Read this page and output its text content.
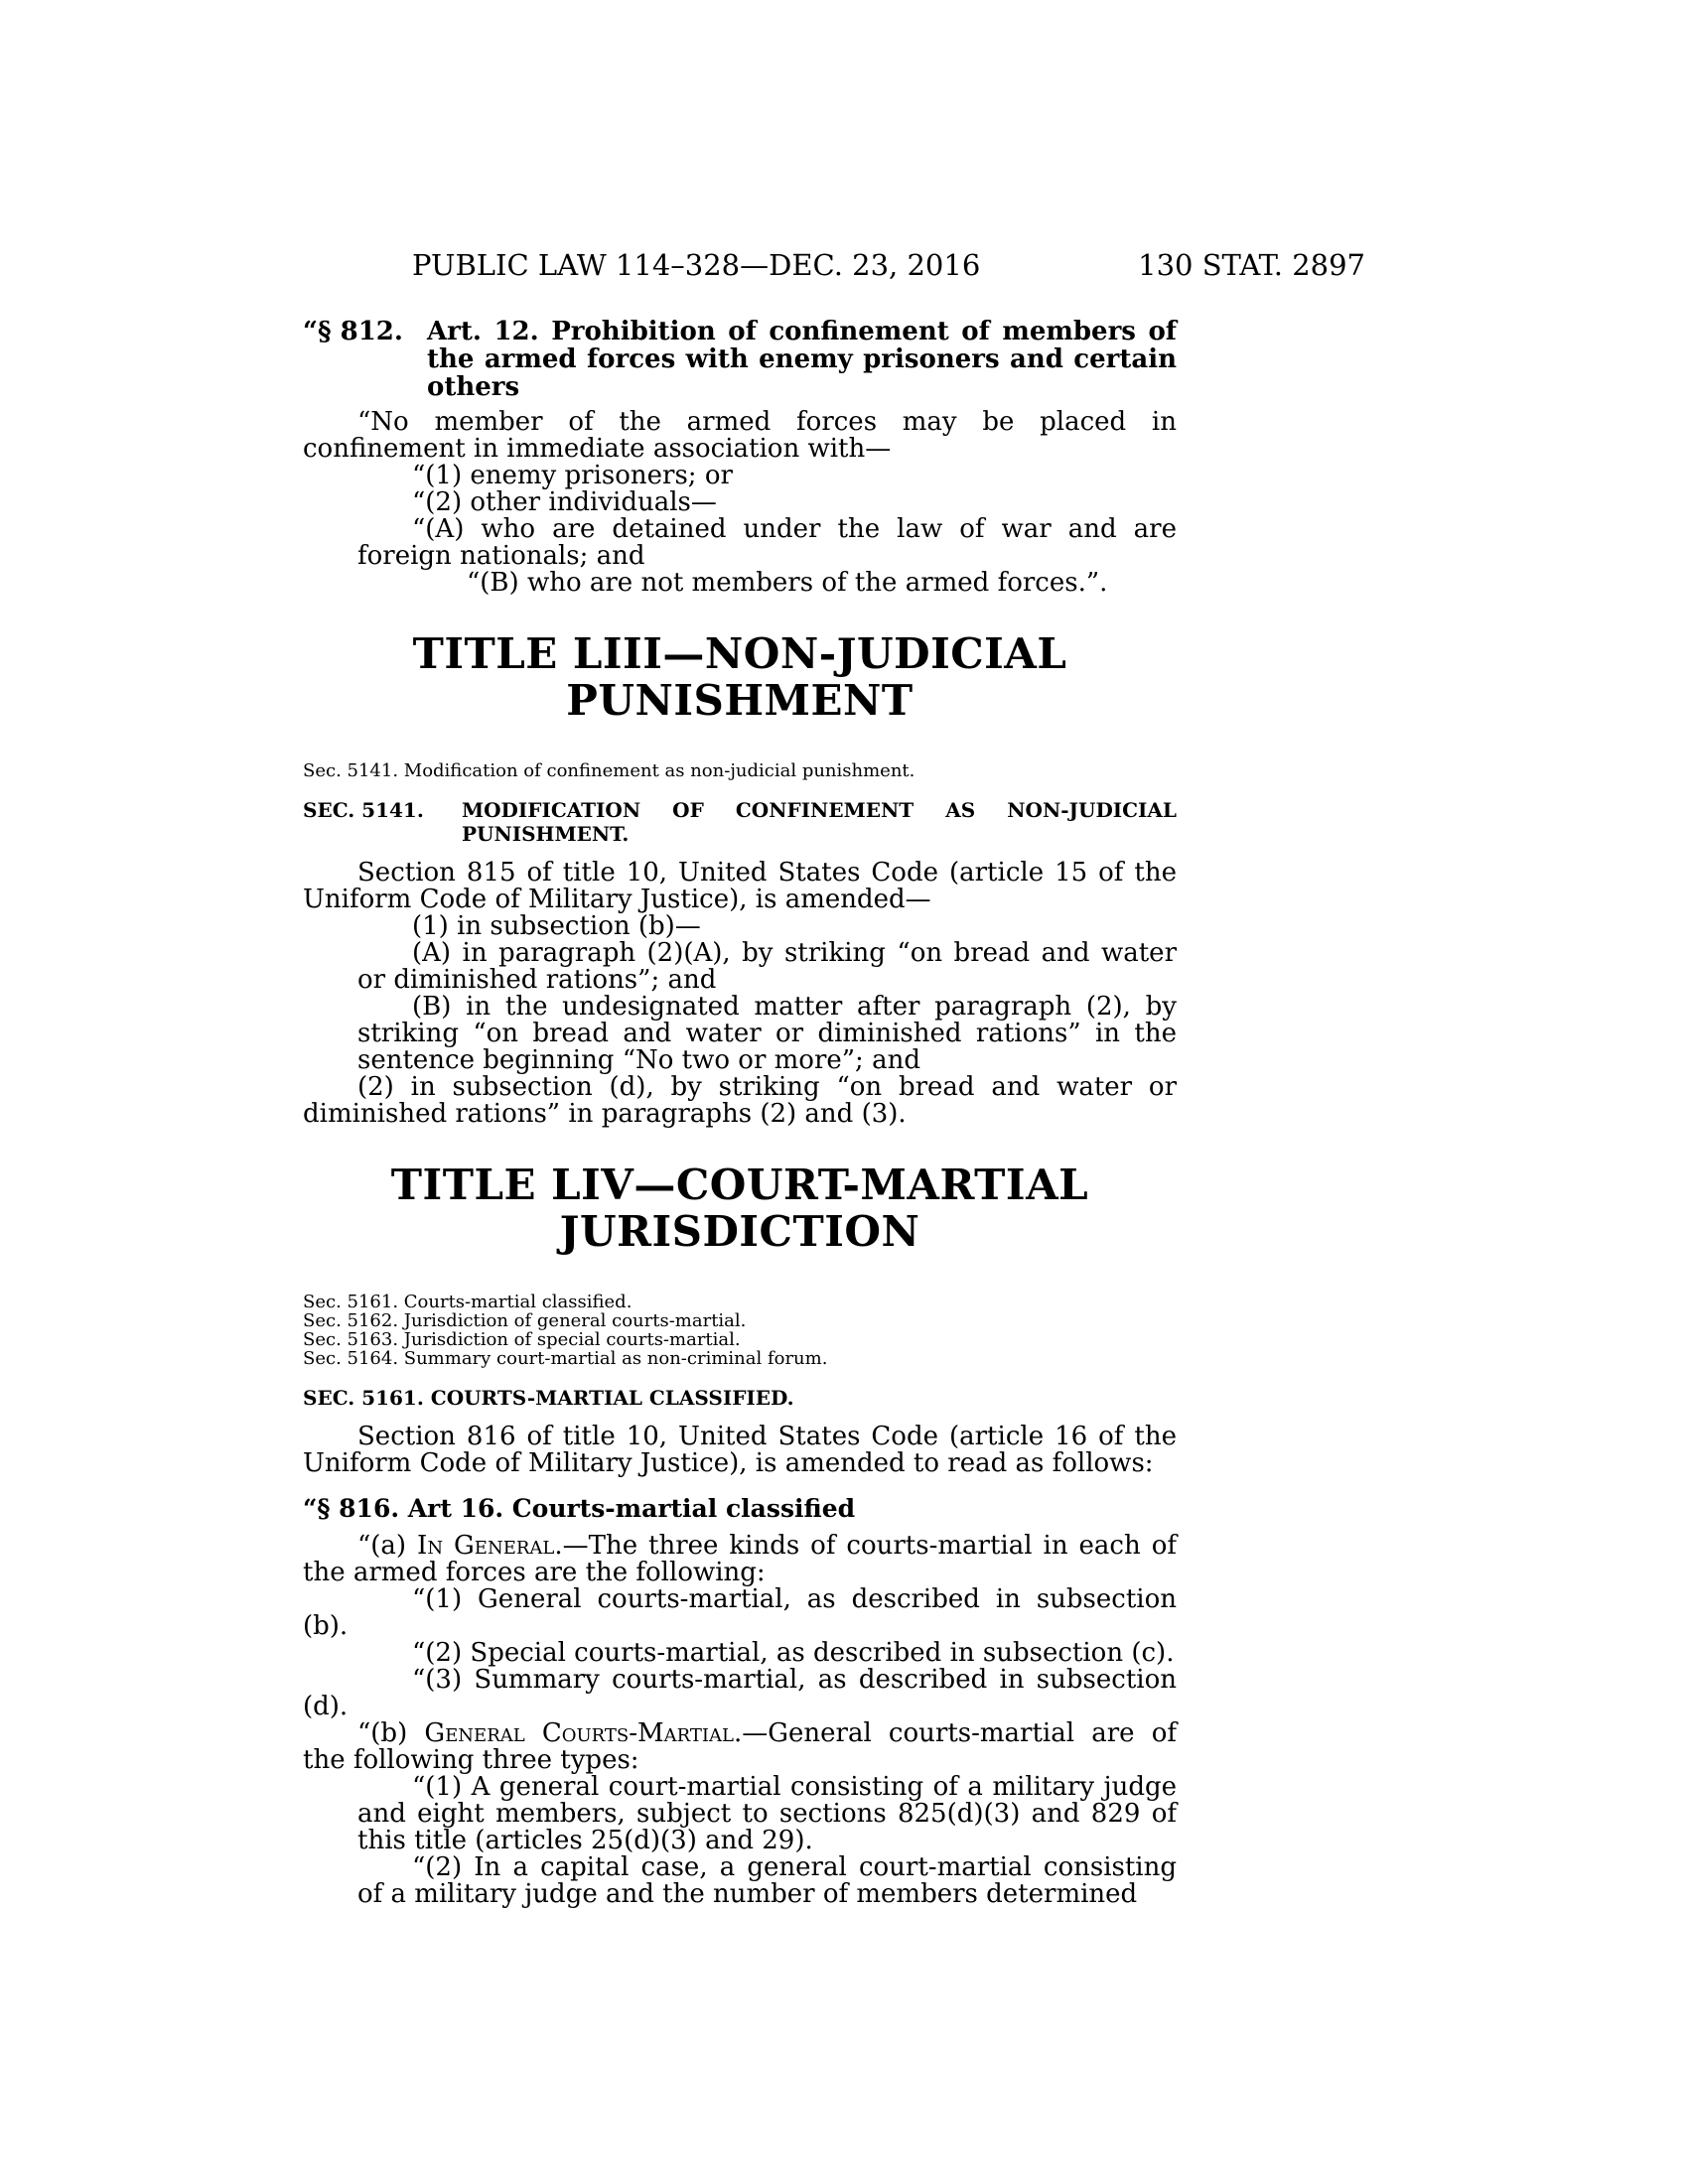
PUBLIC LAW 114–328—DEC. 23, 2016	130 STAT. 2897
“§ 812.Art. 12. Prohibition of confinement of members of the armed forces with enemy prisoners and certain others

“No member of the armed forces may be placed in confinement in immediate association with—

“(1) enemy prisoners; or

“(2) other individuals—

“(A) who are detained under the law of war and are foreign nationals; and

“(B) who are not members of the armed forces.”.

TITLE LIII—NON-JUDICIAL
PUNISHMENT

Sec. 5141. Modification of confinement as non-judicial punishment.

SEC. 5141. MODIFICATION OF CONFINEMENT AS NON-JUDICIAL PUNISHMENT.

Section 815 of title 10, United States Code (article 15 of the Uniform Code of Military Justice), is amended—

(1) in subsection (b)—

(A) in paragraph (2)(A), by striking “on bread and water or diminished rations”; and

(B) in the undesignated matter after paragraph (2), by striking “on bread and water or diminished rations” in the sentence beginning “No two or more”; and

(2) in subsection (d), by striking “on bread and water or diminished rations” in paragraphs (2) and (3).

TITLE LIV—COURT-MARTIAL
JURISDICTION

Sec. 5161. Courts-martial classified.

Sec. 5162. Jurisdiction of general courts-martial.

Sec. 5163. Jurisdiction of special courts-martial.

Sec. 5164. Summary court-martial as non-criminal forum.

SEC. 5161. COURTS-MARTIAL CLASSIFIED.

Section 816 of title 10, United States Code (article 16 of the Uniform Code of Military Justice), is amended to read as follows:

“§ 816. Art 16. Courts-martial classified

“(a) In General.—The three kinds of courts-martial in each of the armed forces are the following:

“(1) General courts-martial, as described in subsection (b).

“(2) Special courts-martial, as described in subsection (c).

“(3) Summary courts-martial, as described in subsection (d).

“(b) General Courts-Martial.—General courts-martial are of the following three types:

“(1) A general court-martial consisting of a military judge and eight members, subject to sections 825(d)(3) and 829 of this title (articles 25(d)(3) and 29).

“(2) In a capital case, a general court-martial consisting of a military judge and the number of members determined
